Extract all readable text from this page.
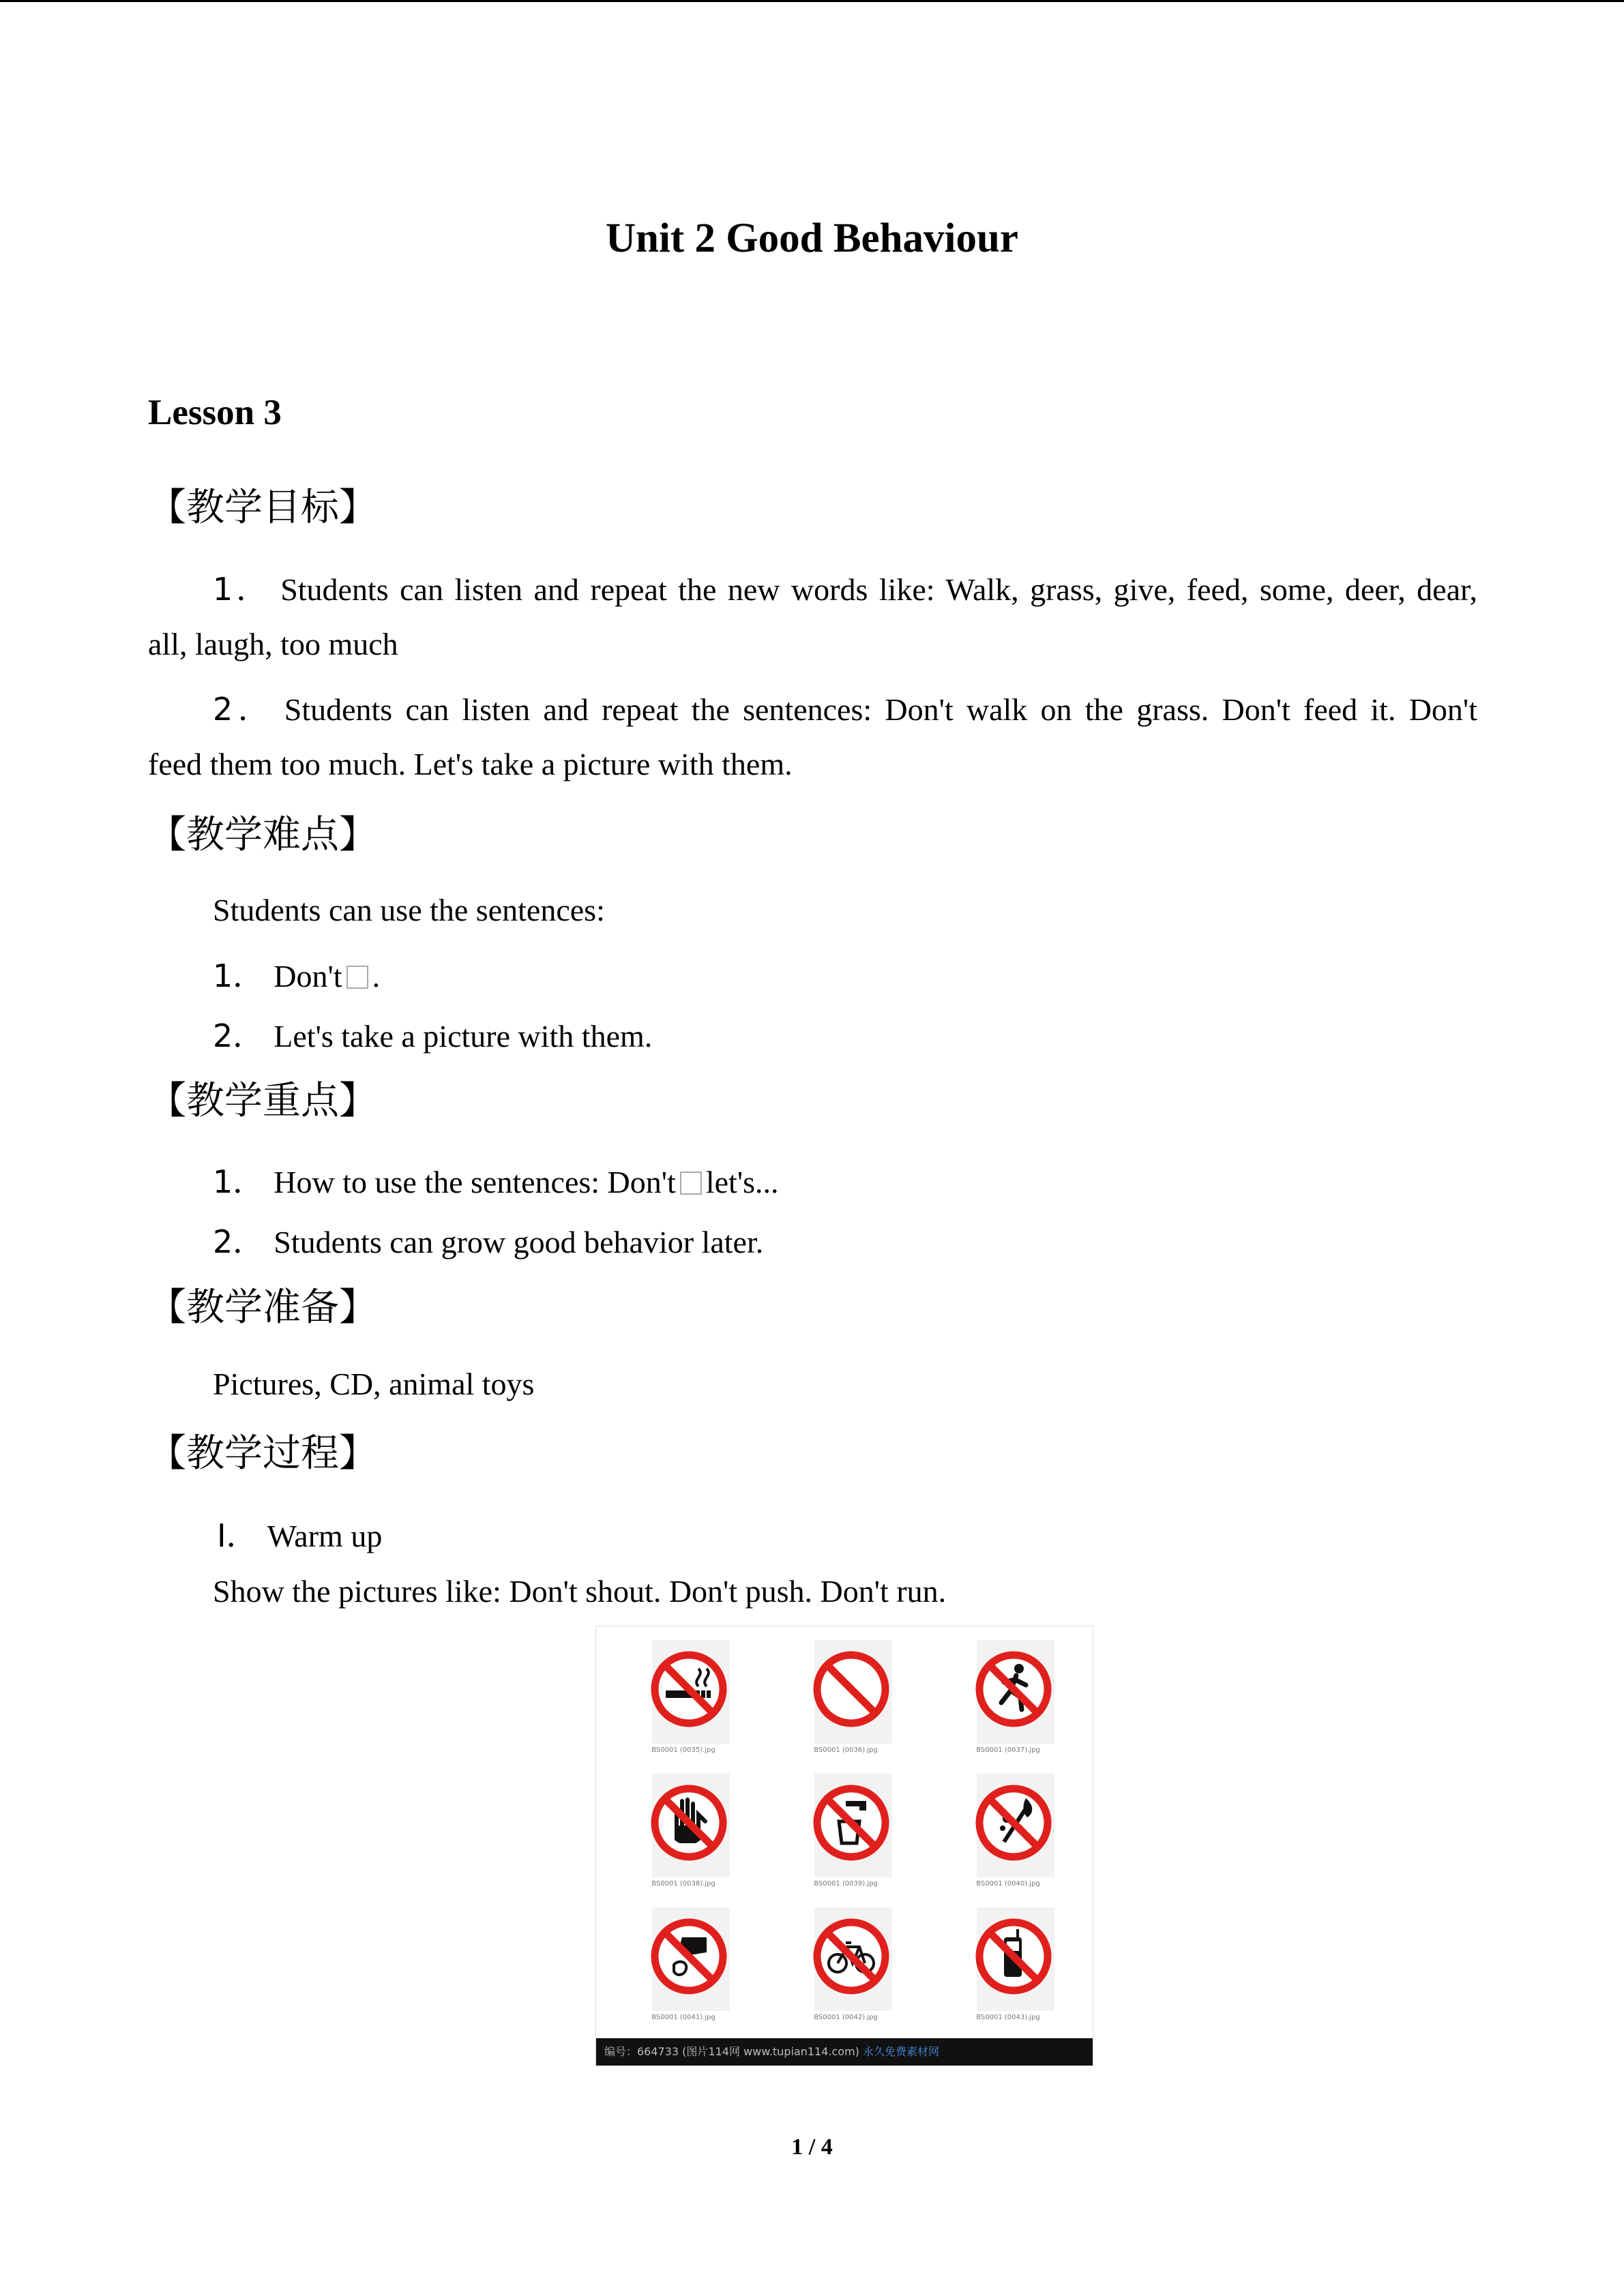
Unit 2 Good Behaviour
Lesson 3
【教学目标】
1． Students can listen and repeat the new words like: Walk, grass, give, feed, some, deer, dear,
all, laugh, too much
2． Students can listen and repeat the sentences: Don't walk on the grass. Don't feed it. Don't
feed them too much. Let's take a picture with them.
【教学难点】
Students can use the sentences:
1． Don't .
2． Let's take a picture with them.
【教学重点】
1． How to use the sentences: Don't let's...
2． Students can grow good behavior later.
【教学准备】
Pictures, CD, animal toys
【教学过程】
Ⅰ． Warm up
Show the pictures like: Don't shout. Don't push. Don't run.
BS0001 (0035).jpg	BS0001 (0036).jpg	BS0001 (0037).jpg
BS0001 (0038).jpg	BS0001 (0039).jpg	BS0001 (0040).jpg
BS0001 (0041).jpg	BS0001 (0042).jpg	BS0001 (0043).jpg
编号：664733 (图片114网 www.tupian114.com) 永久免费素材网
1 / 4
